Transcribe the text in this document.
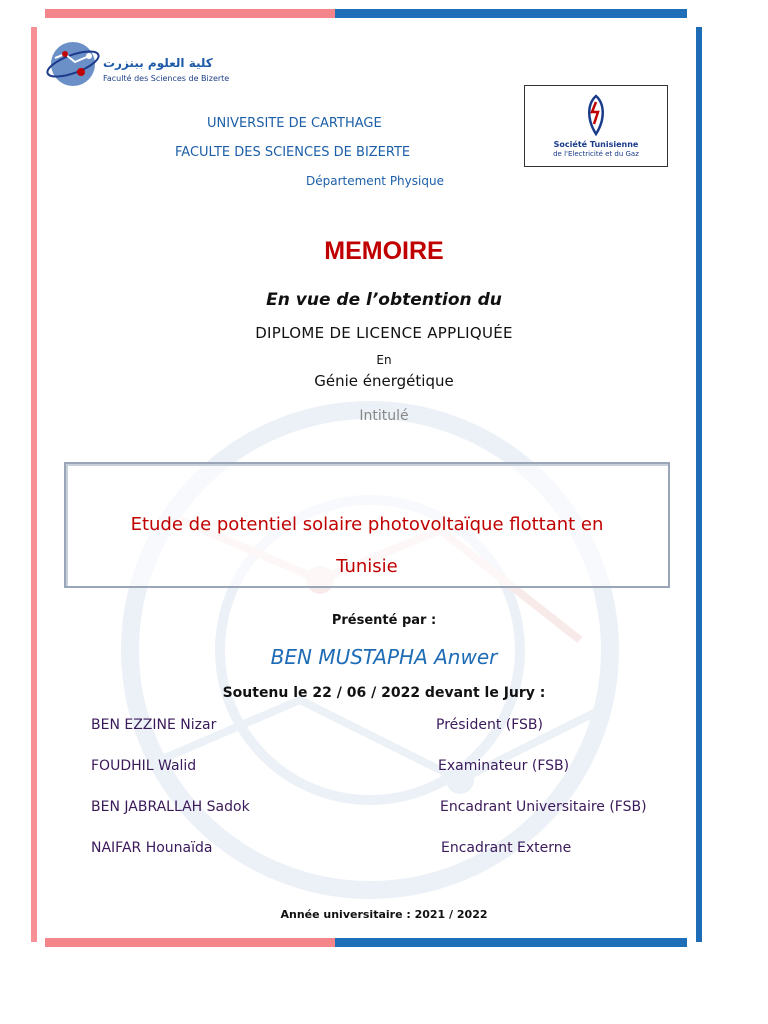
كلية العلوم ببنزرت
Faculté des Sciences de Bizerte
Société Tunisienne
de l'Electricité et du Gaz
UNIVERSITE DE CARTHAGE
FACULTE DES SCIENCES DE BIZERTE
Département Physique
MEMOIRE
En vue de l’obtention du
DIPLOME DE LICENCE APPLIQUÉE
En
Génie énergétique
Intitulé
Etude de potentiel solaire photovoltaïque flottant en
Tunisie
Présenté par :
BEN MUSTAPHA Anwer
Soutenu le 22 / 06 / 2022 devant le Jury :
BEN EZZINE Nizar	Président (FSB)
FOUDHIL Walid	Examinateur (FSB)
BEN JABRALLAH Sadok	Encadrant Universitaire (FSB)
NAIFAR Hounaïda	Encadrant Externe
Année universitaire : 2021 / 2022
